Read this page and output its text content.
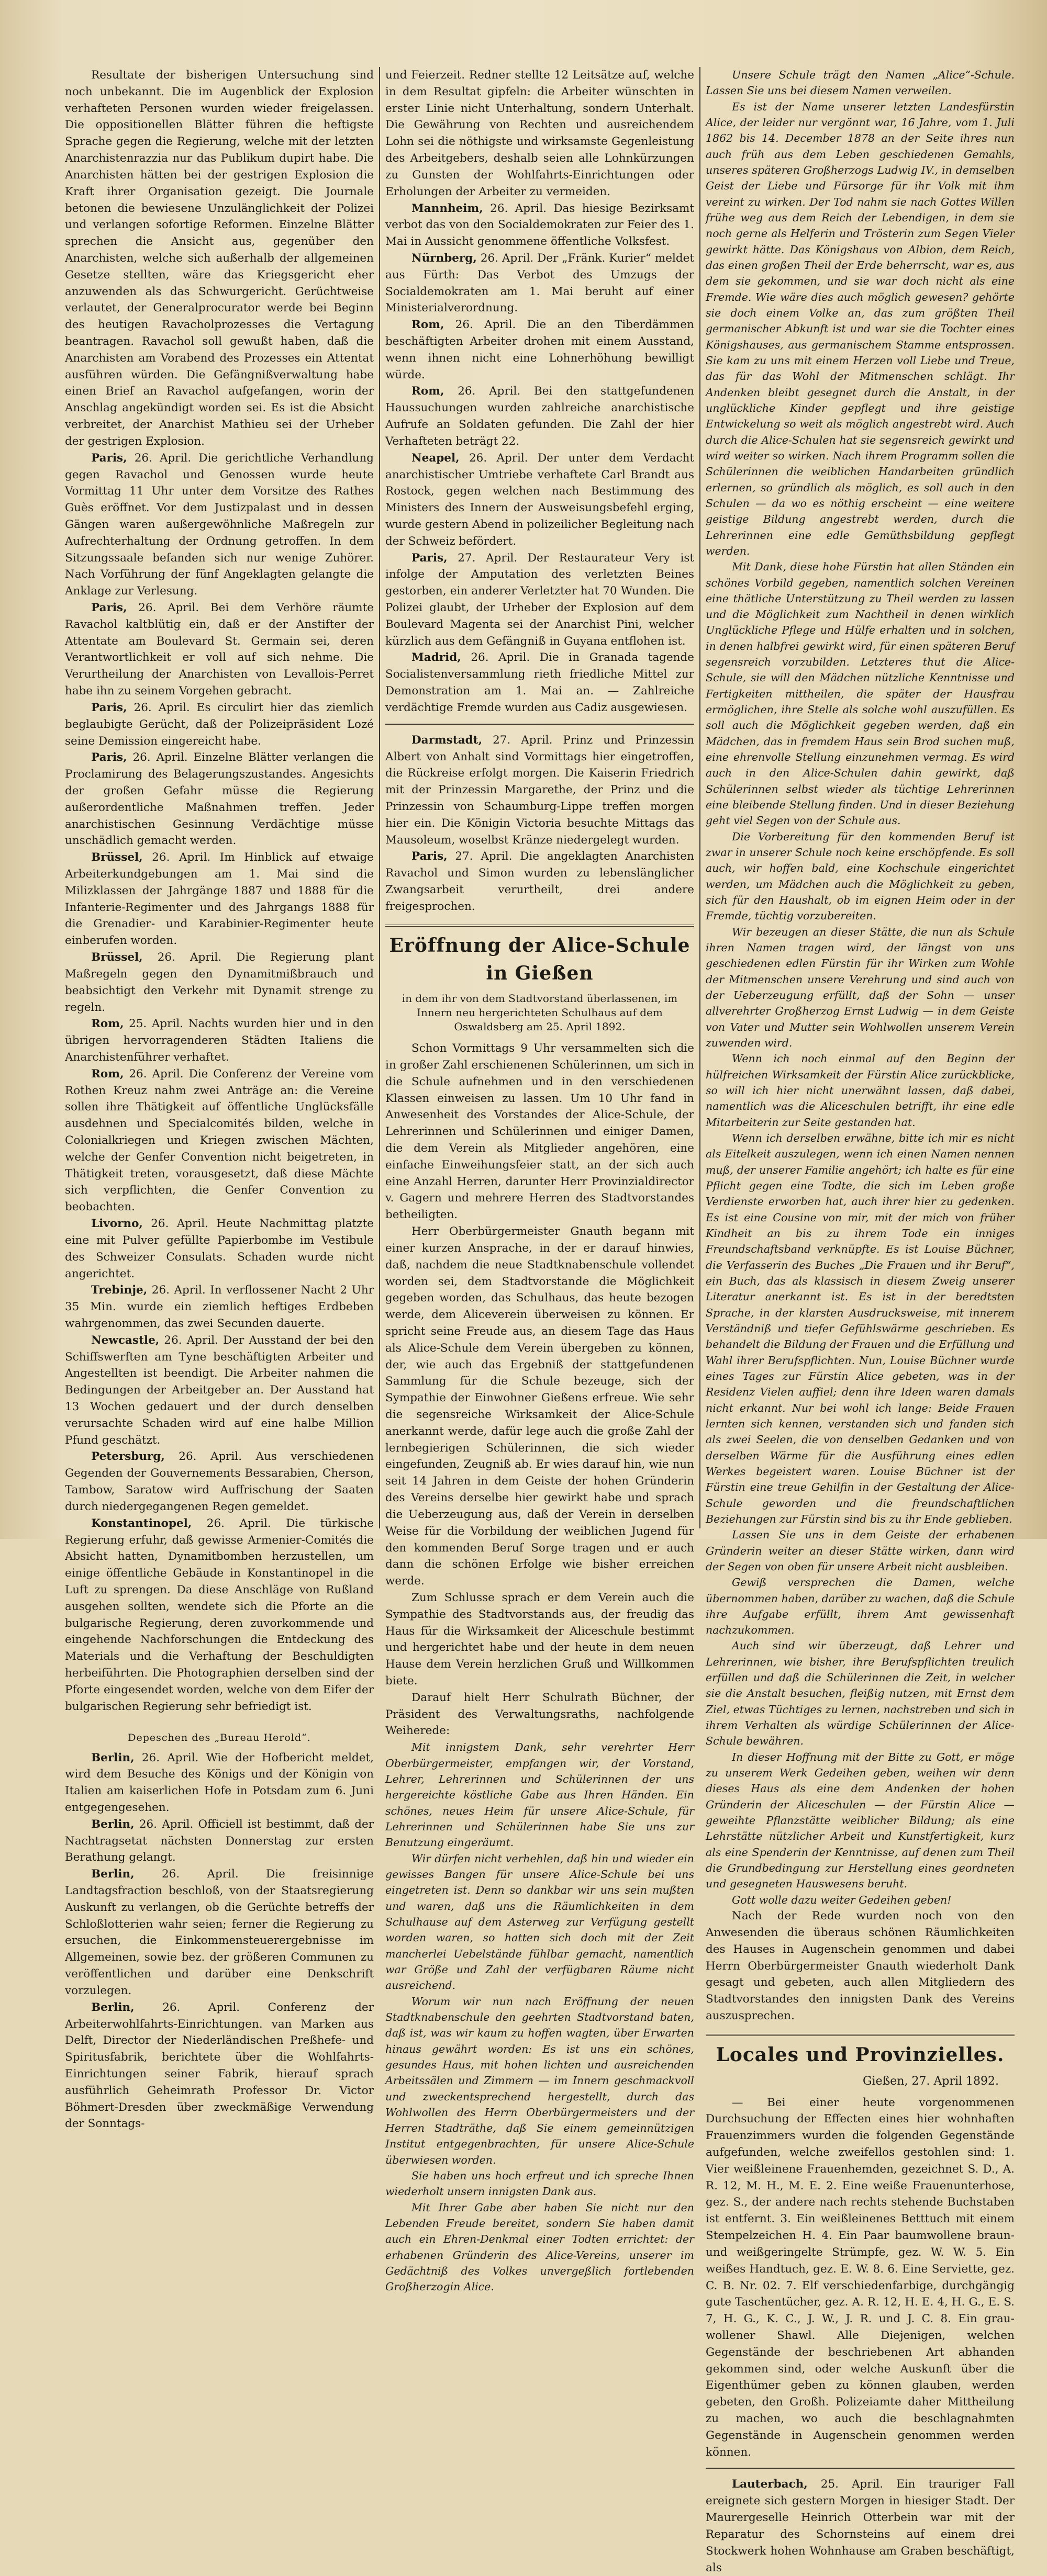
Resultate der bisherigen Untersuchung sind noch unbekannt. Die im Augenblick der Explosion verhafteten Personen wurden wieder freigelassen. Die oppositionellen Blätter führen die heftigste Sprache gegen die Regierung, welche mit der letzten Anarchistenrazzia nur das Publikum dupirt habe. Die Anarchisten hätten bei der gestrigen Explosion die Kraft ihrer Organisation gezeigt. Die Journale betonen die bewiesene Unzulänglichkeit der Polizei und verlangen sofortige Reformen. Einzelne Blätter sprechen die Ansicht aus, gegenüber den Anarchisten, welche sich außerhalb der allgemeinen Gesetze stellten, wäre das Kriegsgericht eher anzuwenden als das Schwurgericht. Gerüchtweise verlautet, der Generalprocurator werde bei Beginn des heutigen Ravacholprozesses die Vertagung beantragen. Ravachol soll gewußt haben, daß die Anarchisten am Vorabend des Prozesses ein Attentat ausführen würden. Die Gefängnißverwaltung habe einen Brief an Ravachol aufgefangen, worin der Anschlag angekündigt worden sei. Es ist die Absicht verbreitet, der Anarchist Mathieu sei der Urheber der gestrigen Explosion.

Paris, 26. April. Die gerichtliche Verhandlung gegen Ravachol und Genossen wurde heute Vormittag 11 Uhr unter dem Vorsitze des Rathes Guès eröffnet. Vor dem Justizpalast und in dessen Gängen waren außergewöhnliche Maßregeln zur Aufrechterhaltung der Ordnung getroffen. In dem Sitzungssaale befanden sich nur wenige Zuhörer. Nach Vorführung der fünf Angeklagten gelangte die Anklage zur Verlesung.

Paris, 26. April. Bei dem Verhöre räumte Ravachol kaltblütig ein, daß er der Anstifter der Attentate am Boulevard St. Germain sei, deren Verantwortlichkeit er voll auf sich nehme. Die Verurtheilung der Anarchisten von Levallois-Perret habe ihn zu seinem Vorgehen gebracht.

Paris, 26. April. Es circulirt hier das ziemlich beglaubigte Gerücht, daß der Polizeipräsident Lozé seine Demission eingereicht habe.

Paris, 26. April. Einzelne Blätter verlangen die Proclamirung des Belagerungszustandes. Angesichts der großen Gefahr müsse die Regierung außerordentliche Maßnahmen treffen. Jeder anarchistischen Gesinnung Verdächtige müsse unschädlich gemacht werden.

Brüssel, 26. April. Im Hinblick auf etwaige Arbeiterkundgebungen am 1. Mai sind die Milizklassen der Jahrgänge 1887 und 1888 für die Infanterie-Regimenter und des Jahrgangs 1888 für die Grenadier- und Karabinier-Regimenter heute einberufen worden.

Brüssel, 26. April. Die Regierung plant Maßregeln gegen den Dynamitmißbrauch und beabsichtigt den Verkehr mit Dynamit strenge zu regeln.

Rom, 25. April. Nachts wurden hier und in den übrigen hervorragenderen Städten Italiens die Anarchistenführer verhaftet.

Rom, 26. April. Die Conferenz der Vereine vom Rothen Kreuz nahm zwei Anträge an: die Vereine sollen ihre Thätigkeit auf öffentliche Unglücksfälle ausdehnen und Specialcomités bilden, welche in Colonialkriegen und Kriegen zwischen Mächten, welche der Genfer Convention nicht beigetreten, in Thätigkeit treten, vorausgesetzt, daß diese Mächte sich verpflichten, die Genfer Convention zu beobachten.

Livorno, 26. April. Heute Nachmittag platzte eine mit Pulver gefüllte Papierbombe im Vestibule des Schweizer Consulats. Schaden wurde nicht angerichtet.

Trebinje, 26. April. In verflossener Nacht 2 Uhr 35 Min. wurde ein ziemlich heftiges Erdbeben wahrgenommen, das zwei Secunden dauerte.

Newcastle, 26. April. Der Ausstand der bei den Schiffswerften am Tyne beschäftigten Arbeiter und Angestellten ist beendigt. Die Arbeiter nahmen die Bedingungen der Arbeitgeber an. Der Ausstand hat 13 Wochen gedauert und der durch denselben verursachte Schaden wird auf eine halbe Million Pfund geschätzt.

Petersburg, 26. April. Aus verschiedenen Gegenden der Gouvernements Bessarabien, Cherson, Tambow, Saratow wird Auffrischung der Saaten durch niedergegangenen Regen gemeldet.

Konstantinopel, 26. April. Die türkische Regierung erfuhr, daß gewisse Armenier-Comités die Absicht hatten, Dynamitbomben herzustellen, um einige öffentliche Gebäude in Konstantinopel in die Luft zu sprengen. Da diese Anschläge von Rußland ausgehen sollten, wendete sich die Pforte an die bulgarische Regierung, deren zuvorkommende und eingehende Nachforschungen die Entdeckung des Materials und die Verhaftung der Beschuldigten herbeiführten. Die Photographien derselben sind der Pforte eingesendet worden, welche von dem Eifer der bulgarischen Regierung sehr befriedigt ist.

Depeschen des „Bureau Herold“.

Berlin, 26. April. Wie der Hofbericht meldet, wird dem Besuche des Königs und der Königin von Italien am kaiserlichen Hofe in Potsdam zum 6. Juni entgegengesehen.

Berlin, 26. April. Officiell ist bestimmt, daß der Nachtragsetat nächsten Donnerstag zur ersten Berathung gelangt.

Berlin, 26. April. Die freisinnige Landtagsfraction beschloß, von der Staatsregierung Auskunft zu verlangen, ob die Gerüchte betreffs der Schloßlotterien wahr seien; ferner die Regierung zu ersuchen, die Einkommensteuerergebnisse im Allgemeinen, sowie bez. der größeren Communen zu veröffentlichen und darüber eine Denkschrift vorzulegen.

Berlin, 26. April. Conferenz der Arbeiterwohlfahrts-Einrichtungen. van Marken aus Delft, Director der Niederländischen Preßhefe- und Spiritusfabrik, berichtete über die Wohlfahrts-Einrichtungen seiner Fabrik, hierauf sprach ausführlich Geheimrath Professor Dr. Victor Böhmert-Dresden über zweckmäßige Verwendung der Sonntags-

und Feierzeit. Redner stellte 12 Leitsätze auf, welche in dem Resultat gipfeln: die Arbeiter wünschten in erster Linie nicht Unterhaltung, sondern Unterhalt. Die Gewährung von Rechten und ausreichendem Lohn sei die nöthigste und wirksamste Gegenleistung des Arbeitgebers, deshalb seien alle Lohnkürzungen zu Gunsten der Wohlfahrts-Einrichtungen oder Erholungen der Arbeiter zu vermeiden.

Mannheim, 26. April. Das hiesige Bezirksamt verbot das von den Socialdemokraten zur Feier des 1. Mai in Aussicht genommene öffentliche Volksfest.

Nürnberg, 26. April. Der „Fränk. Kurier“ meldet aus Fürth: Das Verbot des Umzugs der Socialdemokraten am 1. Mai beruht auf einer Ministerialverordnung.

Rom, 26. April. Die an den Tiberdämmen beschäftigten Arbeiter drohen mit einem Ausstand, wenn ihnen nicht eine Lohnerhöhung bewilligt würde.

Rom, 26. April. Bei den stattgefundenen Haussuchungen wurden zahlreiche anarchistische Aufrufe an Soldaten gefunden. Die Zahl der hier Verhafteten beträgt 22.

Neapel, 26. April. Der unter dem Verdacht anarchistischer Umtriebe verhaftete Carl Brandt aus Rostock, gegen welchen nach Bestimmung des Ministers des Innern der Ausweisungsbefehl erging, wurde gestern Abend in polizeilicher Begleitung nach der Schweiz befördert.

Paris, 27. April. Der Restaurateur Very ist infolge der Amputation des verletzten Beines gestorben, ein anderer Verletzter hat 70 Wunden. Die Polizei glaubt, der Urheber der Explosion auf dem Boulevard Magenta sei der Anarchist Pini, welcher kürzlich aus dem Gefängniß in Guyana entflohen ist.

Madrid, 26. April. Die in Granada tagende Socialistenversammlung rieth friedliche Mittel zur Demonstration am 1. Mai an. — Zahlreiche verdächtige Fremde wurden aus Cadiz ausgewiesen.

Darmstadt, 27. April. Prinz und Prinzessin Albert von Anhalt sind Vormittags hier eingetroffen, die Rückreise erfolgt morgen. Die Kaiserin Friedrich mit der Prinzessin Margarethe, der Prinz und die Prinzessin von Schaumburg-Lippe treffen morgen hier ein. Die Königin Victoria besuchte Mittags das Mausoleum, woselbst Kränze niedergelegt wurden.

Paris, 27. April. Die angeklagten Anarchisten Ravachol und Simon wurden zu lebenslänglicher Zwangsarbeit verurtheilt, drei andere freigesprochen.

Eröffnung der Alice-Schule in Gießen
in dem ihr von dem Stadtvorstand überlassenen, im Innern neu hergerichteten Schulhaus auf dem Oswaldsberg am 25. April 1892.

Schon Vormittags 9 Uhr versammelten sich die in großer Zahl erschienenen Schülerinnen, um sich in die Schule aufnehmen und in den verschiedenen Klassen einweisen zu lassen. Um 10 Uhr fand in Anwesenheit des Vorstandes der Alice-Schule, der Lehrerinnen und Schülerinnen und einiger Damen, die dem Verein als Mitglieder angehören, eine einfache Einweihungsfeier statt, an der sich auch eine Anzahl Herren, darunter Herr Provinzialdirector v. Gagern und mehrere Herren des Stadtvorstandes betheiligten.

Herr Oberbürgermeister Gnauth begann mit einer kurzen Ansprache, in der er darauf hinwies, daß, nachdem die neue Stadtknabenschule vollendet worden sei, dem Stadtvorstande die Möglichkeit gegeben worden, das Schulhaus, das heute bezogen werde, dem Aliceverein überweisen zu können. Er spricht seine Freude aus, an diesem Tage das Haus als Alice-Schule dem Verein übergeben zu können, der, wie auch das Ergebniß der stattgefundenen Sammlung für die Schule bezeuge, sich der Sympathie der Einwohner Gießens erfreue. Wie sehr die segensreiche Wirksamkeit der Alice-Schule anerkannt werde, dafür lege auch die große Zahl der lernbegierigen Schülerinnen, die sich wieder eingefunden, Zeugniß ab. Er wies darauf hin, wie nun seit 14 Jahren in dem Geiste der hohen Gründerin des Vereins derselbe hier gewirkt habe und sprach die Ueberzeugung aus, daß der Verein in derselben Weise für die Vorbildung der weiblichen Jugend für den kommenden Beruf Sorge tragen und er auch dann die schönen Erfolge wie bisher erreichen werde.

Zum Schlusse sprach er dem Verein auch die Sympathie des Stadtvorstands aus, der freudig das Haus für die Wirksamkeit der Aliceschule bestimmt und hergerichtet habe und der heute in dem neuen Hause dem Verein herzlichen Gruß und Willkommen biete.

Darauf hielt Herr Schulrath Büchner, der Präsident des Verwaltungsraths, nachfolgende Weiherede:

Mit innigstem Dank, sehr verehrter Herr Oberbürgermeister, empfangen wir, der Vorstand, Lehrer, Lehrerinnen und Schülerinnen der uns hergereichte köstliche Gabe aus Ihren Händen. Ein schönes, neues Heim für unsere Alice-Schule, für Lehrerinnen und Schülerinnen habe Sie uns zur Benutzung eingeräumt.

Wir dürfen nicht verhehlen, daß hin und wieder ein gewisses Bangen für unsere Alice-Schule bei uns eingetreten ist. Denn so dankbar wir uns sein mußten und waren, daß uns die Räumlichkeiten in dem Schulhause auf dem Asterweg zur Verfügung gestellt worden waren, so hatten sich doch mit der Zeit mancherlei Uebelstände fühlbar gemacht, namentlich war Größe und Zahl der verfügbaren Räume nicht ausreichend.

Worum wir nun nach Eröffnung der neuen Stadtknabenschule den geehrten Stadtvorstand baten, daß ist, was wir kaum zu hoffen wagten, über Erwarten hinaus gewährt worden: Es ist uns ein schönes, gesundes Haus, mit hohen lichten und ausreichenden Arbeitssälen und Zimmern — im Innern geschmackvoll und zweckentsprechend hergestellt, durch das Wohlwollen des Herrn Oberbürgermeisters und der Herren Stadträthe, daß Sie einem gemeinnützigen Institut entgegenbrachten, für unsere Alice-Schule überwiesen worden.

Sie haben uns hoch erfreut und ich spreche Ihnen wiederholt unsern innigsten Dank aus.

Mit Ihrer Gabe aber haben Sie nicht nur den Lebenden Freude bereitet, sondern Sie haben damit auch ein Ehren-Denkmal einer Todten errichtet: der erhabenen Gründerin des Alice-Vereins, unserer im Gedächtniß des Volkes unvergeßlich fortlebenden Großherzogin Alice.

Unsere Schule trägt den Namen „Alice“-Schule. Lassen Sie uns bei diesem Namen verweilen.

Es ist der Name unserer letzten Landesfürstin Alice, der leider nur vergönnt war, 16 Jahre, vom 1. Juli 1862 bis 14. December 1878 an der Seite ihres nun auch früh aus dem Leben geschiedenen Gemahls, unseres späteren Großherzogs Ludwig IV., in demselben Geist der Liebe und Fürsorge für ihr Volk mit ihm vereint zu wirken. Der Tod nahm sie nach Gottes Willen frühe weg aus dem Reich der Lebendigen, in dem sie noch gerne als Helferin und Trösterin zum Segen Vieler gewirkt hätte. Das Königshaus von Albion, dem Reich, das einen großen Theil der Erde beherrscht, war es, aus dem sie gekommen, und sie war doch nicht als eine Fremde. Wie wäre dies auch möglich gewesen? gehörte sie doch einem Volke an, das zum größten Theil germanischer Abkunft ist und war sie die Tochter eines Königshauses, aus germanischem Stamme entsprossen. Sie kam zu uns mit einem Herzen voll Liebe und Treue, das für das Wohl der Mitmenschen schlägt. Ihr Andenken bleibt gesegnet durch die Anstalt, in der unglückliche Kinder gepflegt und ihre geistige Entwickelung so weit als möglich angestrebt wird. Auch durch die Alice-Schulen hat sie segensreich gewirkt und wird weiter so wirken. Nach ihrem Programm sollen die Schülerinnen die weiblichen Handarbeiten gründlich erlernen, so gründlich als möglich, es soll auch in den Schulen — da wo es nöthig erscheint — eine weitere geistige Bildung angestrebt werden, durch die Lehrerinnen eine edle Gemüthsbildung gepflegt werden.

Mit Dank, diese hohe Fürstin hat allen Ständen ein schönes Vorbild gegeben, namentlich solchen Vereinen eine thätliche Unterstützung zu Theil werden zu lassen und die Möglichkeit zum Nachtheil in denen wirklich Unglückliche Pflege und Hülfe erhalten und in solchen, in denen halbfrei gewirkt wird, für einen späteren Beruf segensreich vorzubilden. Letzteres thut die Alice-Schule, sie will den Mädchen nützliche Kenntnisse und Fertigkeiten mittheilen, die später der Hausfrau ermöglichen, ihre Stelle als solche wohl auszufüllen. Es soll auch die Möglichkeit gegeben werden, daß ein Mädchen, das in fremdem Haus sein Brod suchen muß, eine ehrenvolle Stellung einzunehmen vermag. Es wird auch in den Alice-Schulen dahin gewirkt, daß Schülerinnen selbst wieder als tüchtige Lehrerinnen eine bleibende Stellung finden. Und in dieser Beziehung geht viel Segen von der Schule aus.

Die Vorbereitung für den kommenden Beruf ist zwar in unserer Schule noch keine erschöpfende. Es soll auch, wir hoffen bald, eine Kochschule eingerichtet werden, um Mädchen auch die Möglichkeit zu geben, sich für den Haushalt, ob im eignen Heim oder in der Fremde, tüchtig vorzubereiten.

Wir bezeugen an dieser Stätte, die nun als Schule ihren Namen tragen wird, der längst von uns geschiedenen edlen Fürstin für ihr Wirken zum Wohle der Mitmenschen unsere Verehrung und sind auch von der Ueberzeugung erfüllt, daß der Sohn — unser allverehrter Großherzog Ernst Ludwig — in dem Geiste von Vater und Mutter sein Wohlwollen unserem Verein zuwenden wird.

Wenn ich noch einmal auf den Beginn der hülfreichen Wirksamkeit der Fürstin Alice zurückblicke, so will ich hier nicht unerwähnt lassen, daß dabei, namentlich was die Aliceschulen betrifft, ihr eine edle Mitarbeiterin zur Seite gestanden hat.

Wenn ich derselben erwähne, bitte ich mir es nicht als Eitelkeit auszulegen, wenn ich einen Namen nennen muß, der unserer Familie angehört; ich halte es für eine Pflicht gegen eine Todte, die sich im Leben große Verdienste erworben hat, auch ihrer hier zu gedenken. Es ist eine Cousine von mir, mit der mich von früher Kindheit an bis zu ihrem Tode ein inniges Freundschaftsband verknüpfte. Es ist Louise Büchner, die Verfasserin des Buches „Die Frauen und ihr Beruf“, ein Buch, das als klassisch in diesem Zweig unserer Literatur anerkannt ist. Es ist in der beredtsten Sprache, in der klarsten Ausdrucksweise, mit innerem Verständniß und tiefer Gefühlswärme geschrieben. Es behandelt die Bildung der Frauen und die Erfüllung und Wahl ihrer Berufspflichten. Nun, Louise Büchner wurde eines Tages zur Fürstin Alice gebeten, was in der Residenz Vielen auffiel; denn ihre Ideen waren damals nicht erkannt. Nur bei wohl ich lange: Beide Frauen lernten sich kennen, verstanden sich und fanden sich als zwei Seelen, die von denselben Gedanken und von derselben Wärme für die Ausführung eines edlen Werkes begeistert waren. Louise Büchner ist der Fürstin eine treue Gehilfin in der Gestaltung der Alice-Schule geworden und die freundschaftlichen Beziehungen zur Fürstin sind bis zu ihr Ende geblieben.

Lassen Sie uns in dem Geiste der erhabenen Gründerin weiter an dieser Stätte wirken, dann wird der Segen von oben für unsere Arbeit nicht ausbleiben.

Gewiß versprechen die Damen, welche übernommen haben, darüber zu wachen, daß die Schule ihre Aufgabe erfüllt, ihrem Amt gewissenhaft nachzukommen.

Auch sind wir überzeugt, daß Lehrer und Lehrerinnen, wie bisher, ihre Berufspflichten treulich erfüllen und daß die Schülerinnen die Zeit, in welcher sie die Anstalt besuchen, fleißig nutzen, mit Ernst dem Ziel, etwas Tüchtiges zu lernen, nachstreben und sich in ihrem Verhalten als würdige Schülerinnen der Alice-Schule bewähren.

In dieser Hoffnung mit der Bitte zu Gott, er möge zu unserem Werk Gedeihen geben, weihen wir denn dieses Haus als eine dem Andenken der hohen Gründerin der Aliceschulen — der Fürstin Alice — geweihte Pflanzstätte weiblicher Bildung; als eine Lehrstätte nützlicher Arbeit und Kunstfertigkeit, kurz als eine Spenderin der Kenntnisse, auf denen zum Theil die Grundbedingung zur Herstellung eines geordneten und gesegneten Hauswesens beruht.

Gott wolle dazu weiter Gedeihen geben!

Nach der Rede wurden noch von den Anwesenden die überaus schönen Räumlichkeiten des Hauses in Augenschein genommen und dabei Herrn Oberbürgermeister Gnauth wiederholt Dank gesagt und gebeten, auch allen Mitgliedern des Stadtvorstandes den innigsten Dank des Vereins auszusprechen.

Locales und Provinzielles.
Gießen, 27. April 1892.

— Bei einer heute vorgenommenen Durchsuchung der Effecten eines hier wohnhaften Frauenzimmers wurden die folgenden Gegenstände aufgefunden, welche zweifellos gestohlen sind: 1. Vier weißleinene Frauenhemden, gezeichnet S. D., A. R. 12, M. H., M. E. 2. Eine weiße Frauenunterhose, gez. S., der andere nach rechts stehende Buchstaben ist entfernt. 3. Ein weißleinenes Betttuch mit einem Stempelzeichen H. 4. Ein Paar baumwollene braun- und weißgeringelte Strümpfe, gez. W. W. 5. Ein weißes Handtuch, gez. E. W. 8. 6. Eine Serviette, gez. C. B. Nr. 02. 7. Elf verschiedenfarbige, durchgängig gute Taschentücher, gez. A. R. 12, H. E. 4, H. G., E. S. 7, H. G., K. C., J. W., J. R. und J. C. 8. Ein grau-wollener Shawl. Alle Diejenigen, welchen Gegenstände der beschriebenen Art abhanden gekommen sind, oder welche Auskunft über die Eigenthümer geben zu können glauben, werden gebeten, den Großh. Polizeiamte daher Mittheilung zu machen, wo auch die beschlagnahmten Gegenstände in Augenschein genommen werden können.

Lauterbach, 25. April. Ein trauriger Fall ereignete sich gestern Morgen in hiesiger Stadt. Der Maurergeselle Heinrich Otterbein war mit der Reparatur des Schornsteins auf einem drei Stockwerk hohen Wohnhause am Graben beschäftigt, als
